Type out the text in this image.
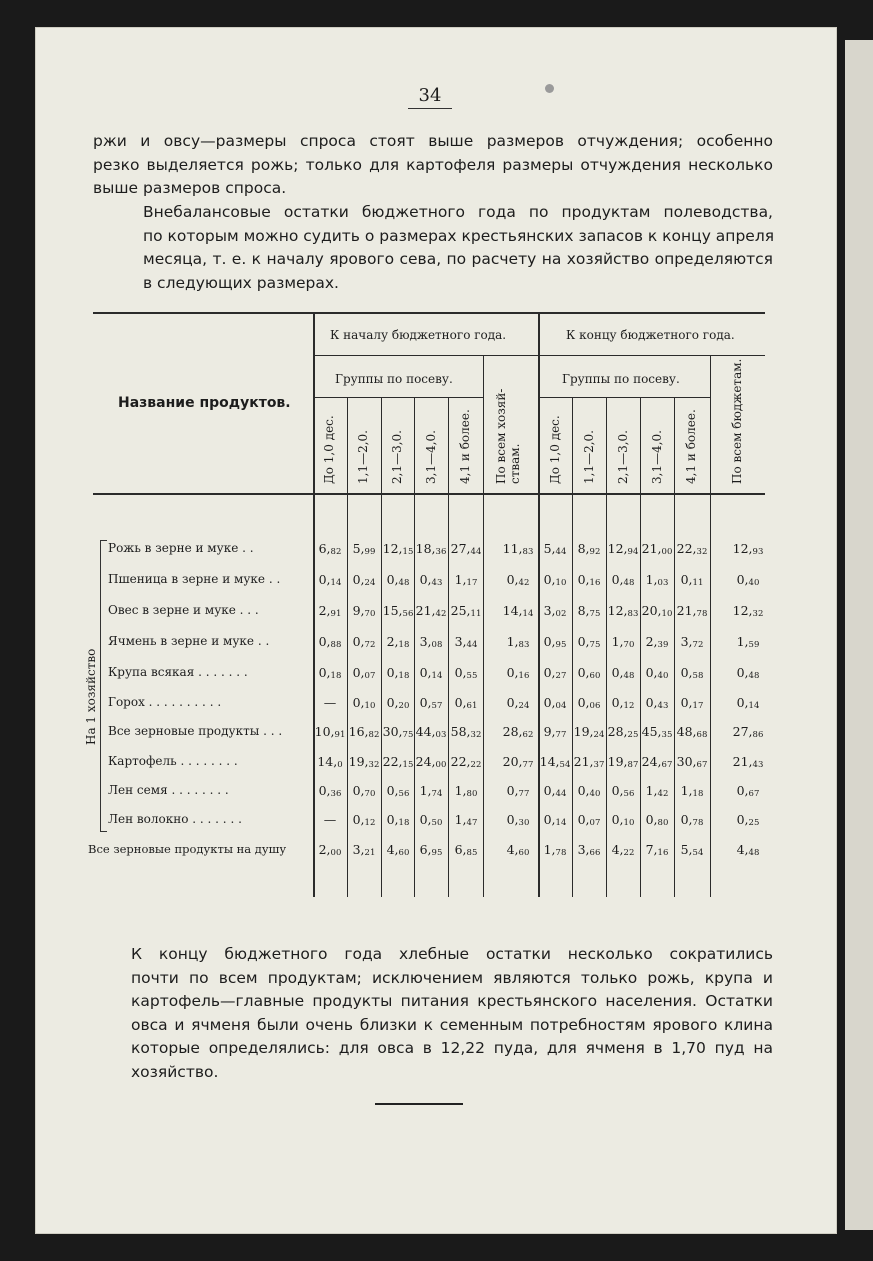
34
ржи и овсу—размеры спроса стоят выше размеров отчуждения; особенно
резко выделяется рожь; только для картофеля размеры отчуждения несколько
выше размеров спроса.
Внебалансовые остатки бюджетного года по продуктам полеводства,
по которым можно судить о размерах крестьянских запасов к концу апреля
месяца, т. е. к началу ярового сева, по расчету на хозяйство определяются
в следующих размерах.
К началу бюджетного года.	К концу бюджетного года.
Группы по посеву.	Группы по посеву.
Название продуктов.
До 1,0 дес. 1,1—2,0. 2,1—3,0. 3,1—4,0. 4,1 и более. По всем хозяй-ствам. До 1,0 дес. 1,1—2,0. 2,1—3,0. 3,1—4,0. 4,1 и более.	По всем бюджетам.
На 1 хозяйство
Рожь в зерне и муке . .	$6,_{82}$ $5,_{99}$ $12,_{15}$ $18,_{36}$ $27,_{44}$	$11,_{83}$ $5,_{44}$ $8,_{92}$ $12,_{94}$ $21,_{00}$ $22,_{32}$	$12,_{93}$
Пшеница в зерне и муке . .	$0,_{14}$ $0,_{24}$ $0,_{48}$ $0,_{43}$ $1,_{17}$	$0,_{42}$	$0,_{10}$ $0,_{16}$ $0,_{48}$ $1,_{03}$ $0,_{11}$	$0,_{40}$
Овес в зерне и муке . . .	$2,_{91}$ $9,_{70}$ $15,_{56}$ $21,_{42}$ $25,_{11}$	$14,_{14}$ $3,_{02}$ $8,_{75}$ $12,_{83}$ $20,_{10}$ $21,_{78}$	$12,_{32}$
Ячмень в зерне и муке . .	$0,_{88}$ $0,_{72}$ $2,_{18}$ $3,_{08}$ $3,_{44}$	$1,_{83}$	$0,_{95}$ $0,_{75}$ $1,_{70}$ $2,_{39}$ $3,_{72}$	$1,_{59}$
Крупа всякая . . . . . . .	$0,_{18}$ $0,_{07}$ $0,_{18}$ $0,_{14}$ $0,_{55}$	$0,_{16}$	$0,_{27}$ $0,_{60}$ $0,_{48}$ $0,_{40}$ $0,_{58}$	$0,_{48}$
Горох . . . . . . . . . .	—	$0,_{10}$ $0,_{20}$ $0,_{57}$ $0,_{61}$	$0,_{24}$	$0,_{04}$ $0,_{06}$ $0,_{12}$ $0,_{43}$ $0,_{17}$	$0,_{14}$
Все зерновые продукты . . .	$10,_{91}$ $16,_{82}$ $30,_{75}$ $44,_{03}$ $58,_{32}$	$28,_{62}$ $9,_{77}$ $19,_{24}$ $28,_{25}$ $45,_{35}$ $48,_{68}$	$27,_{86}$
Картофель . . . . . . . .	$14,_0$ $19,_{32}$ $22,_{15}$ $24,_{00}$ $22,_{22}$	$20,_{77}$ $14,_{54}$ $21,_{37}$ $19,_{87}$ $24,_{67}$ $30,_{67}$	$21,_{43}$
Лен семя . . . . . . . .	$0,_{36}$ $0,_{70}$ $0,_{56}$ $1,_{74}$ $1,_{80}$	$0,_{77}$	$0,_{44}$ $0,_{40}$ $0,_{56}$ $1,_{42}$ $1,_{18}$	$0,_{67}$
Лен волокно . . . . . . .	—	$0,_{12}$ $0,_{18}$ $0,_{50}$ $1,_{47}$	$0,_{30}$	$0,_{14}$ $0,_{07}$ $0,_{10}$ $0,_{80}$ $0,_{78}$	$0,_{25}$
Все зерновые продукты на душу	$2,_{00}$ $3,_{21}$ $4,_{60}$ $6,_{95}$ $6,_{85}$	$4,_{60}$	$1,_{78}$ $3,_{66}$ $4,_{22}$ $7,_{16}$ $5,_{54}$	$4,_{48}$
К концу бюджетного года хлебные остатки несколько сократились
почти по всем продуктам; исключением являются только рожь, крупа и
картофель—главные продукты питания крестьянского населения. Остатки
овса и ячменя были очень близки к семенным потребностям ярового клина
которые определялись: для овса в 12,22 пуда, для ячменя в 1,70 пуд на
хозяйство.
